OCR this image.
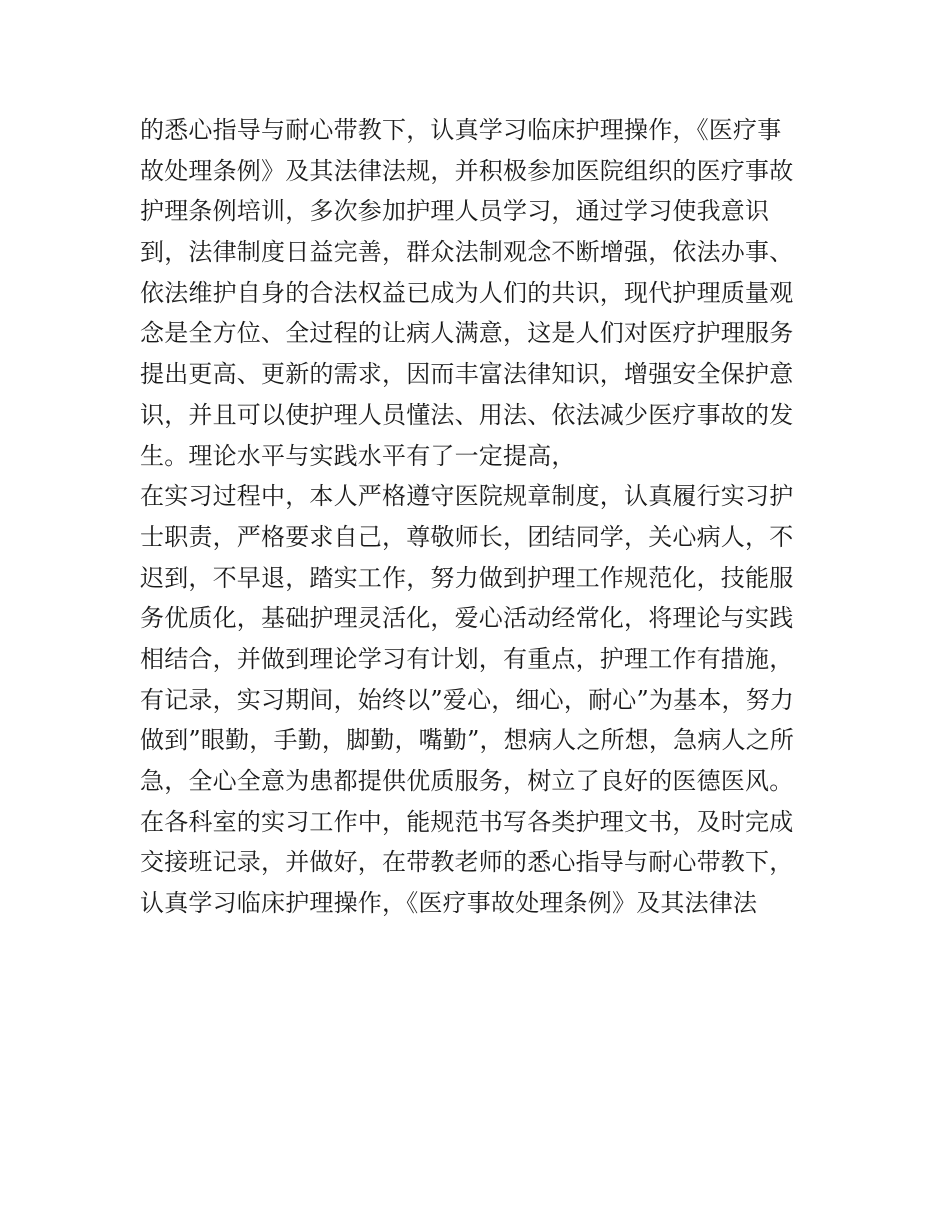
的悉心指导与耐心带教下，认真学习临床护理操作，《医疗事
故处理条例》及其法律法规，并积极参加医院组织的医疗事故
护理条例培训，多次参加护理人员学习，通过学习使我意识
到，法律制度日益完善，群众法制观念不断增强，依法办事、
依法维护自身的合法权益已成为人们的共识，现代护理质量观
念是全方位、全过程的让病人满意，这是人们对医疗护理服务
提出更高、更新的需求，因而丰富法律知识，增强安全保护意
识，并且可以使护理人员懂法、用法、依法减少医疗事故的发
生。理论水平与实践水平有了一定提高，
在实习过程中，本人严格遵守医院规章制度，认真履行实习护
士职责，严格要求自己，尊敬师长，团结同学，关心病人，不
迟到，不早退，踏实工作，努力做到护理工作规范化，技能服
务优质化，基础护理灵活化，爱心活动经常化，将理论与实践
相结合，并做到理论学习有计划，有重点，护理工作有措施，
有记录，实习期间，始终以”爱心，细心，耐心”为基本，努力
做到”眼勤，手勤，脚勤，嘴勤”，想病人之所想，急病人之所
急，全心全意为患都提供优质服务，树立了良好的医德医风。
在各科室的实习工作中，能规范书写各类护理文书，及时完成
交接班记录，并做好，在带教老师的悉心指导与耐心带教下，
认真学习临床护理操作，《医疗事故处理条例》及其法律法
